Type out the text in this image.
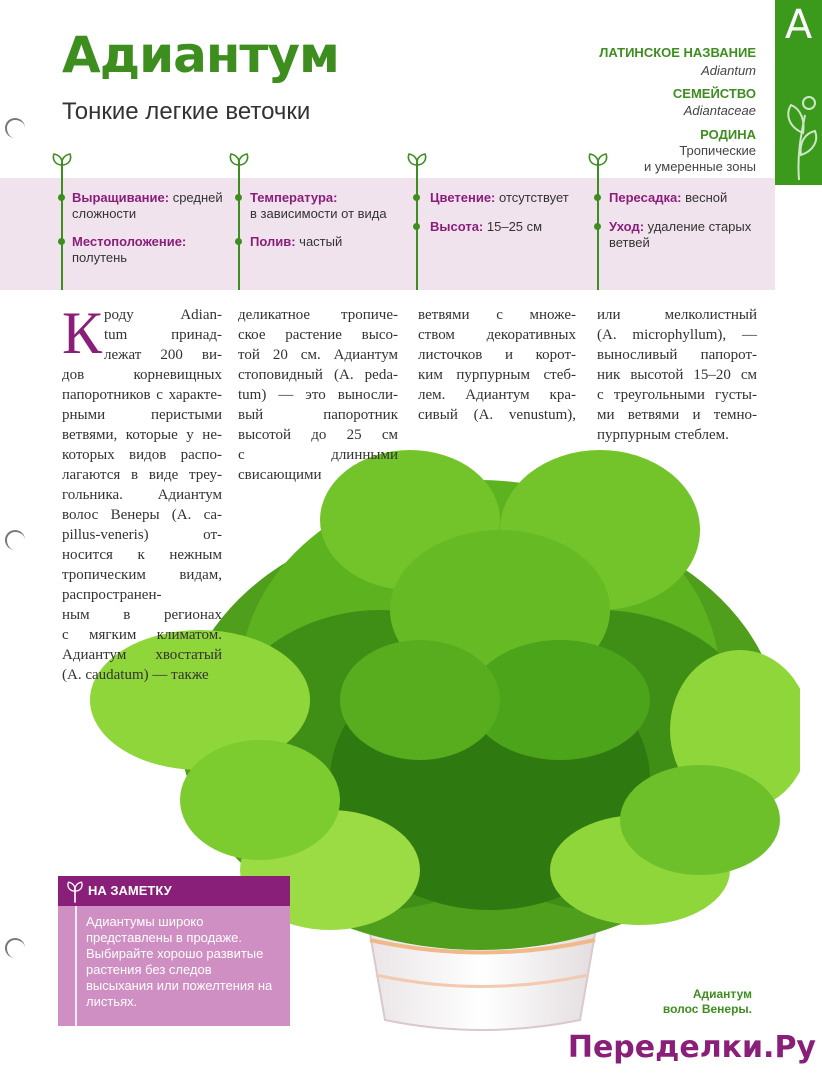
Адиантум
Тонкие легкие веточки
ЛАТИНСКОЕ НАЗВАНИЕ
Adiantum
СЕМЕЙСТВО
Adiantaceae
РОДИНА
Тропические
и умеренные зоны
А
Выращивание: средней
сложности
Местоположение:
полутень
Температура:
в зависимости от вида
Полив: частый
Цветение: отсутствует
Высота: 15–25 см
Пересадка: весной
Уход: удаление старых
ветвей
К роду Adian-
tum принад-
лежат 200 ви-
дов корневищных
папоротников с характе-
рными перистыми
ветвями, которые у не-
которых видов распо-
лагаются в виде треу-
гольника. Адиантум
волос Венеры (A. ca-
pillus-veneris) от-
носится к нежным
тропическим видам,
распространен-
ным в регионах
с мягким климатом.
Адиантум хвостатый
(A. caudatum) — также
деликатное тропиче-
ское растение высо-
той 20 см. Адиантум
стоповидный (A. peda-
tum) — это выносли-
вый папоротник
высотой до 25 см
с длинными
свисающими
ветвями с множе-
ством декоративных
листочков и корот-
ким пурпурным стеб-
лем. Адиантум кра-
сивый (A. venustum),
или мелколистный
(A. microphyllum), —
выносливый папорот-
ник высотой 15–20 см
с треугольными густы-
ми ветвями и темно-
пурпурным стеблем.
НА ЗАМЕТКУ
Адиантумы широко представлены в продаже. Выбирайте хорошо развитые растения без следов высыхания или пожелтения на листьях.	Адиантум
волос Венеры.
Переделки.Ру
